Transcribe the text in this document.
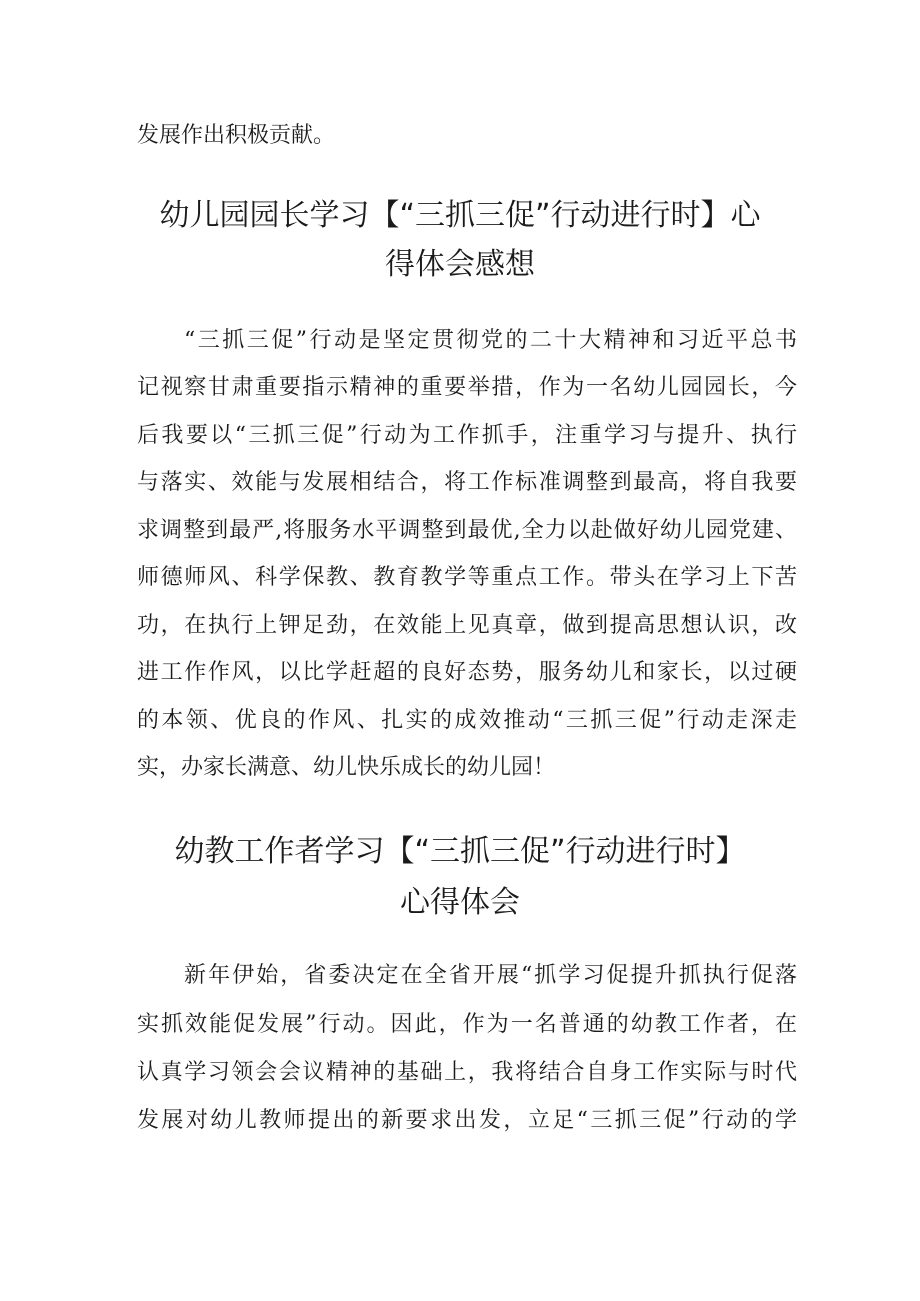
发展作出积极贡献。
幼儿园园长学习【“三抓三促”行动进行时】心
得体会感想
“三抓三促”行动是坚定贯彻党的二十大精神和习近平总书
记视察甘肃重要指示精神的重要举措，作为一名幼儿园园长，今
后我要以“三抓三促”行动为工作抓手，注重学习与提升、执行
与落实、效能与发展相结合，将工作标准调整到最高，将自我要
求调整到最严,将服务水平调整到最优,全力以赴做好幼儿园党建、
师德师风、科学保教、教育教学等重点工作。带头在学习上下苦
功，在执行上钾足劲，在效能上见真章，做到提高思想认识，改
进工作作风，以比学赶超的良好态势，服务幼儿和家长，以过硬
的本领、优良的作风、扎实的成效推动“三抓三促”行动走深走
实，办家长满意、幼儿快乐成长的幼儿园！
幼教工作者学习【“三抓三促”行动进行时】
心得体会
新年伊始，省委决定在全省开展“抓学习促提升抓执行促落
实抓效能促发展”行动。因此，作为一名普通的幼教工作者，在
认真学习领会会议精神的基础上，我将结合自身工作实际与时代
发展对幼儿教师提出的新要求出发，立足“三抓三促”行动的学
